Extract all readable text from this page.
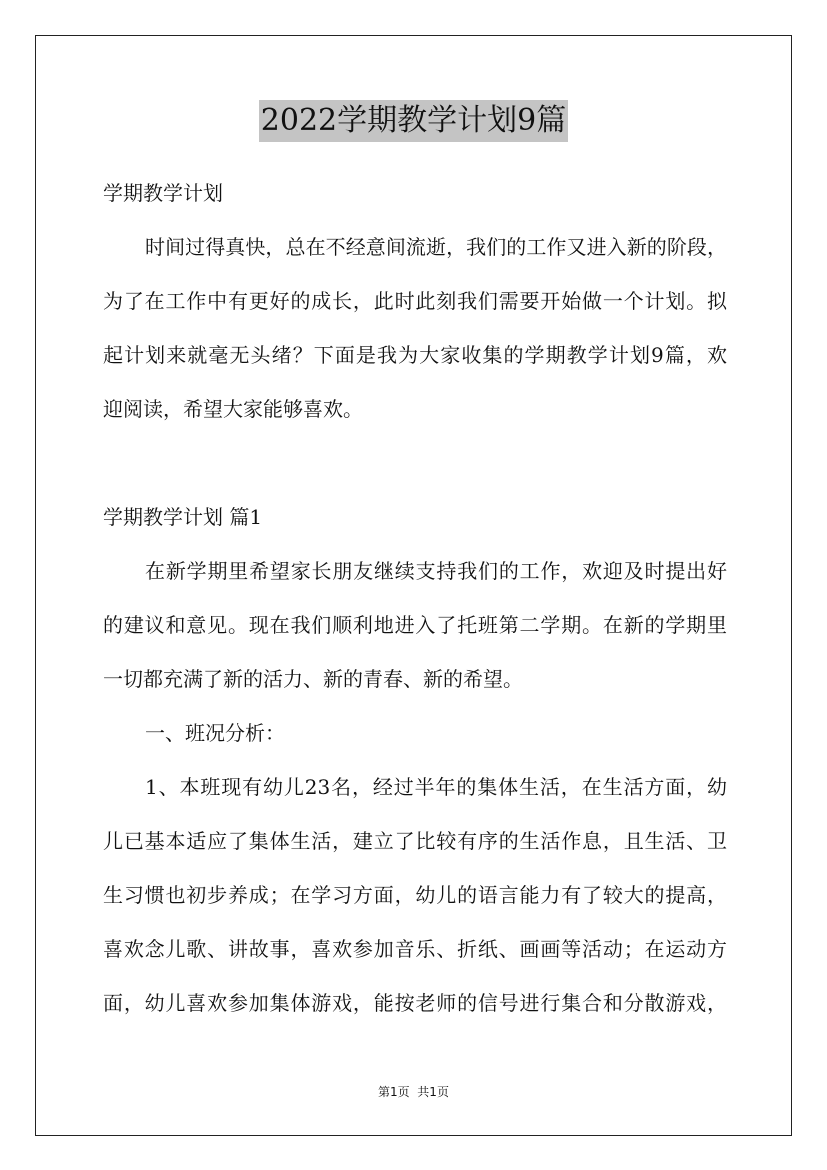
2022学期教学计划9篇
学期教学计划
时间过得真快，总在不经意间流逝，我们的工作又进入新的阶段，
为了在工作中有更好的成长，此时此刻我们需要开始做一个计划。拟
起计划来就毫无头绪？下面是我为大家收集的学期教学计划9篇，欢
迎阅读，希望大家能够喜欢。
学期教学计划 篇1
在新学期里希望家长朋友继续支持我们的工作，欢迎及时提出好
的建议和意见。现在我们顺利地进入了托班第二学期。在新的学期里
一切都充满了新的活力、新的青春、新的希望。
一、班况分析：
1、本班现有幼儿23名，经过半年的集体生活，在生活方面，幼
儿已基本适应了集体生活，建立了比较有序的生活作息，且生活、卫
生习惯也初步养成；在学习方面，幼儿的语言能力有了较大的提高，
喜欢念儿歌、讲故事，喜欢参加音乐、折纸、画画等活动；在运动方
面，幼儿喜欢参加集体游戏，能按老师的信号进行集合和分散游戏，
第1页  共1页
